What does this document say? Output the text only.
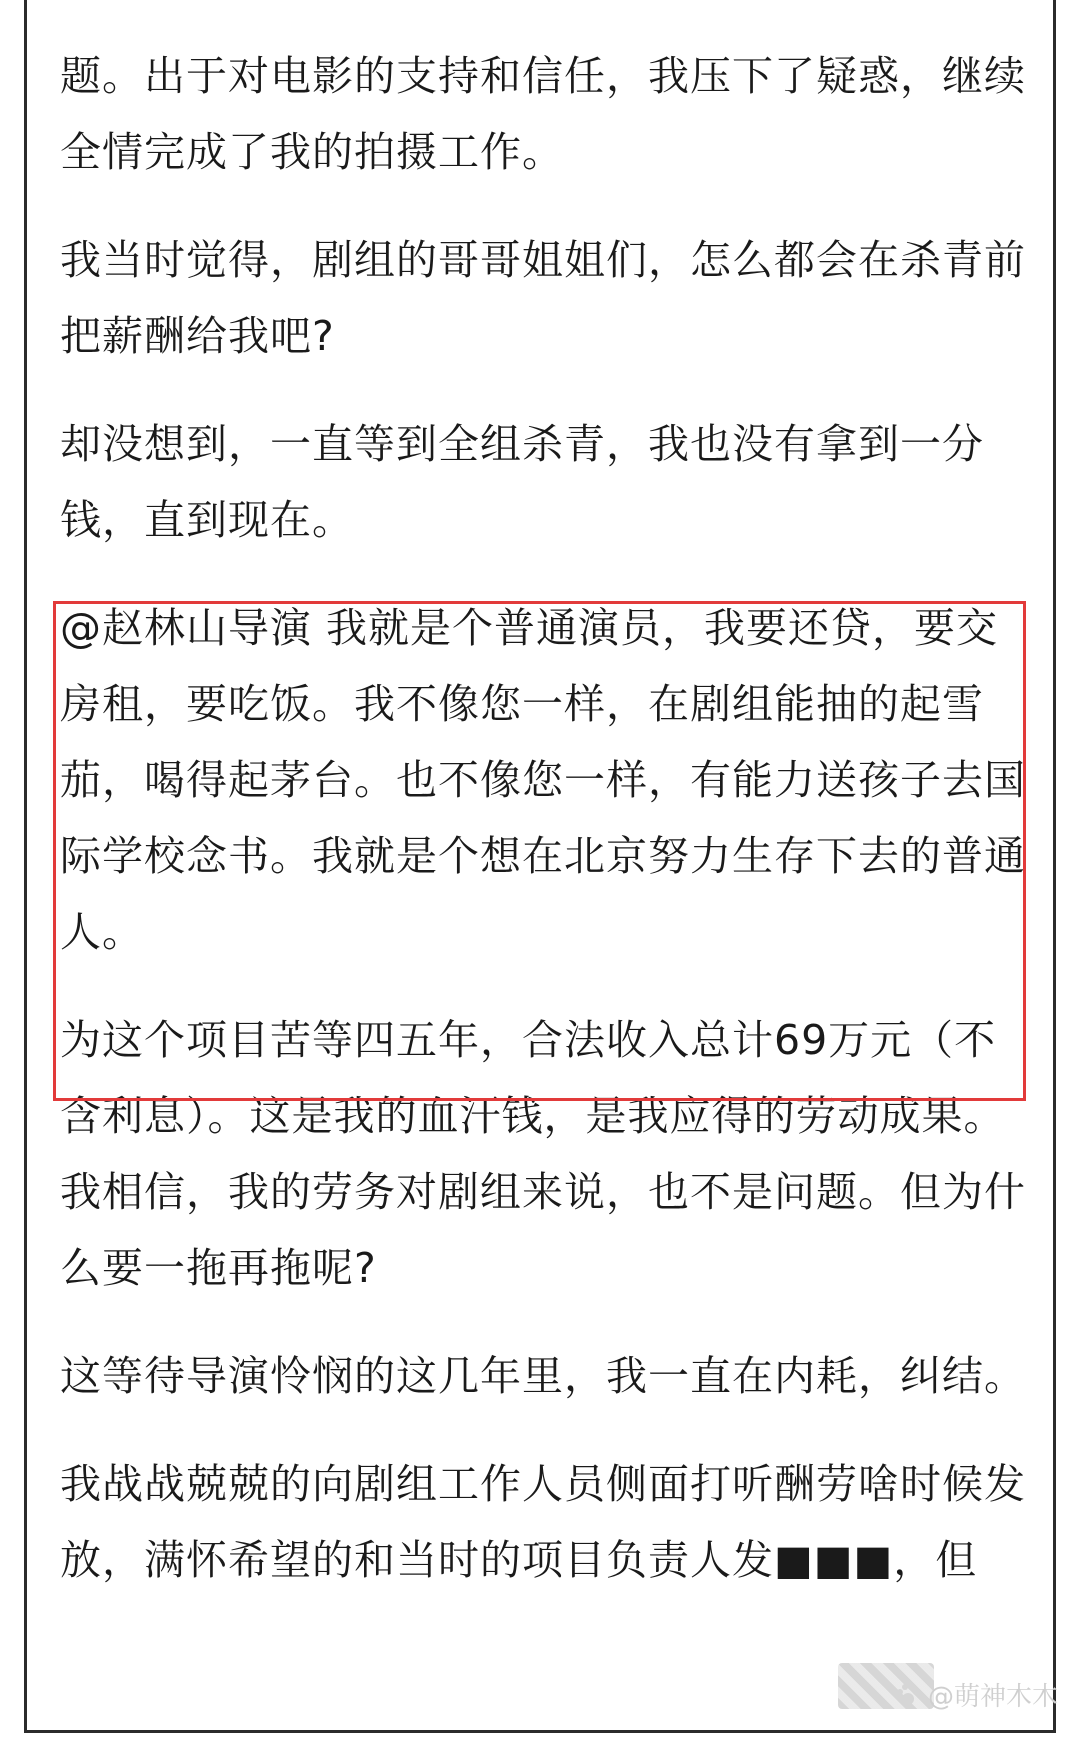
题。出于对电影的支持和信任，我压下了疑惑，继续全情完成了我的拍摄工作。

我当时觉得，剧组的哥哥姐姐们，怎么都会在杀青前把薪酬给我吧?

却没想到，一直等到全组杀青，我也没有拿到一分钱，直到现在。

@赵林山导演 我就是个普通演员，我要还贷，要交房租，要吃饭。我不像您一样，在剧组能抽的起雪茄，喝得起茅台。也不像您一样，有能力送孩子去国际学校念书。我就是个想在北京努力生存下去的普通人。

为这个项目苦等四五年，合法收入总计69万元（不含利息）。这是我的血汗钱，是我应得的劳动成果。我相信，我的劳务对剧组来说，也不是问题。但为什么要一拖再拖呢?

这等待导演怜悯的这几年里，我一直在内耗，纠结。

我战战兢兢的向剧组工作人员侧面打听酬劳啥时候发放，满怀希望的和当时的项目负责人发■■■，但

@萌神木木
